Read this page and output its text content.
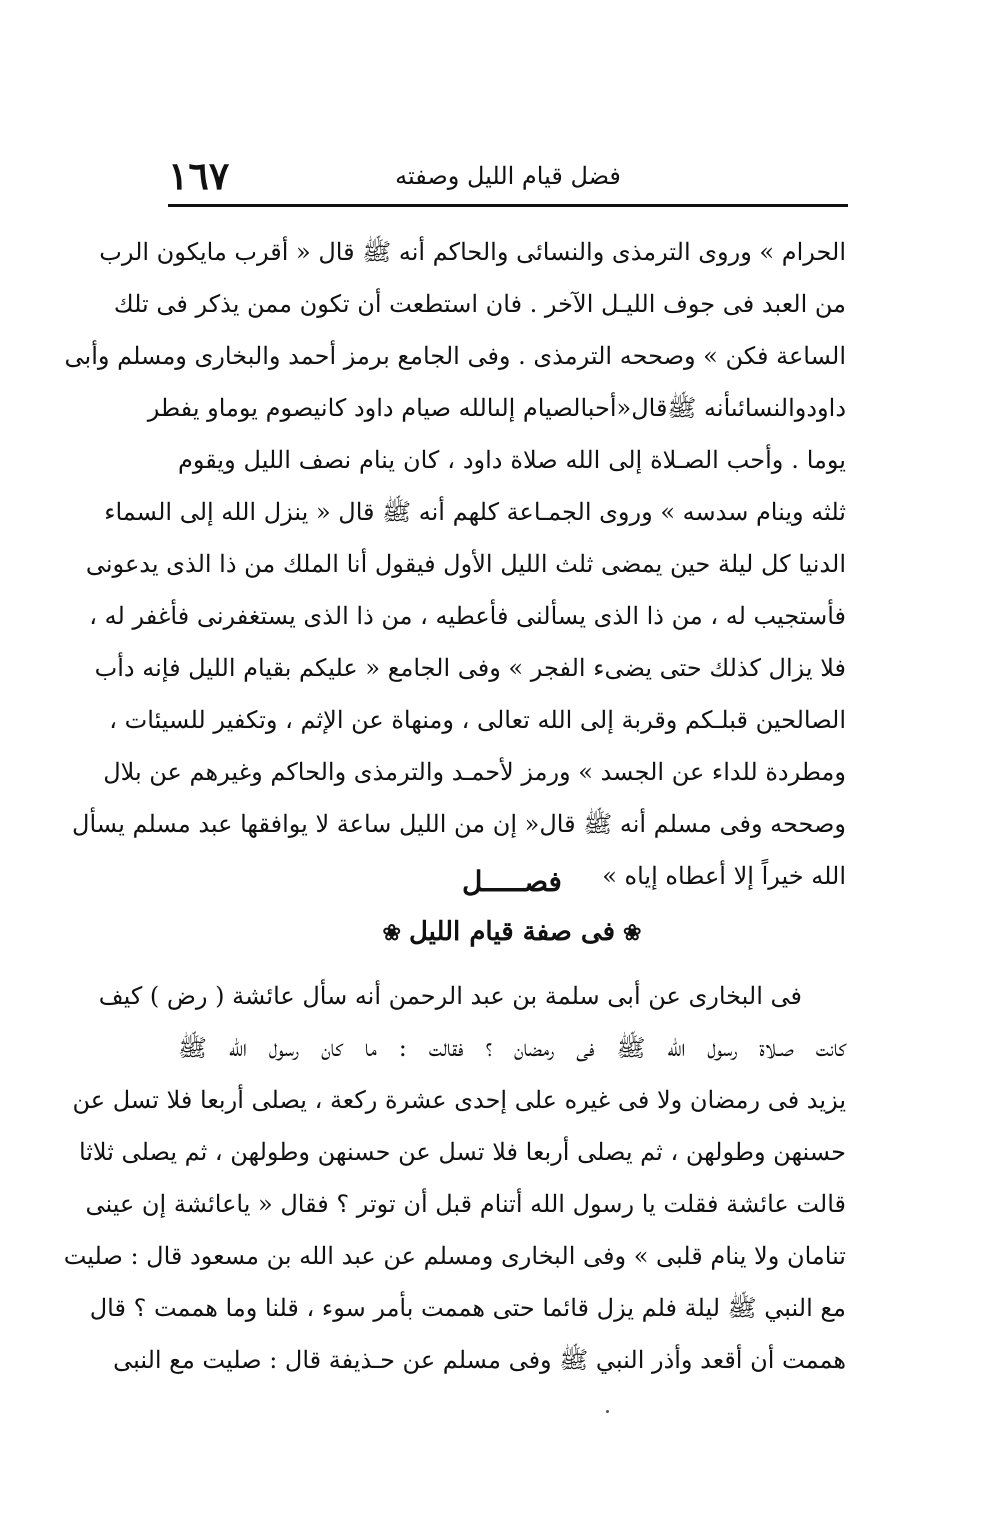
١٦٧	فضل قيام الليل وصفته
الحرام » وروى الترمذى والنسائى والحاكم أنه ﷺ قال « أقرب مايكون الرب
من العبد فى جوف الليـل الآخر . فان استطعت أن تكون ممن يذكر فى تلك
الساعة فكن » وصححه الترمذى . وفى الجامع برمز أحمد والبخارى ومسلم وأبى
داودوالنسائىأنه ﷺقال«أحبالصيام إلىالله صيام داود كانيصوم يوماو يفطر
يوما . وأحب الصـلاة إلى الله صلاة داود ، كان ينام نصف الليل ويقوم
ثلثه وينام سدسه » وروى الجمـاعة كلهم أنه ﷺ قال « ينزل الله إلى السماء
الدنيا كل ليلة حين يمضى ثلث الليل الأول فيقول أنا الملك من ذا الذى يدعونى
فأستجيب له ، من ذا الذى يسألنى فأعطيه ، من ذا الذى يستغفرنى فأغفر له ،
فلا يزال كذلك حتى يضىء الفجر » وفى الجامع « عليكم بقيام الليل فإنه دأب
الصالحين قبلـكم وقربة إلى الله تعالى ، ومنهاة عن الإثم ، وتكفير للسيئات ،
ومطردة للداء عن الجسد » ورمز لأحمـد والترمذى والحاكم وغيرهم عن بلال
وصححه وفى مسلم أنه ﷺ قال« إن من الليل ساعة لا يوافقها عبد مسلم يسأل
الله خيراً إلا أعطاه إياه »
فصـــــل
❀فى صفة قيام الليل❀
فى البخارى عن أبى سلمة بن عبد الرحمن أنه سأل عائشة ( رض ) كيف
كانت صـلاة رسول الله ﷺ فى رمضان ؟ فقالت : ما كان رسول الله ﷺ
يزيد فى رمضان ولا فى غيره على إحدى عشرة ركعة ، يصلى أربعا فلا تسل عن
حسنهن وطولهن ، ثم يصلى أربعا فلا تسل عن حسنهن وطولهن ، ثم يصلى ثلاثا
قالت عائشة فقلت يا رسول الله أتنام قبل أن توتر ؟ فقال « ياعائشة إن عينى
تنامان ولا ينام قلبى » وفى البخارى ومسلم عن عبد الله بن مسعود قال : صليت
مع النبي ﷺ ليلة فلم يزل قائما حتى هممت بأمر سوء ، قلنا وما هممت ؟ قال
هممت أن أقعد وأذر النبي ﷺ وفى مسلم عن حـذيفة قال : صليت مع النبى
